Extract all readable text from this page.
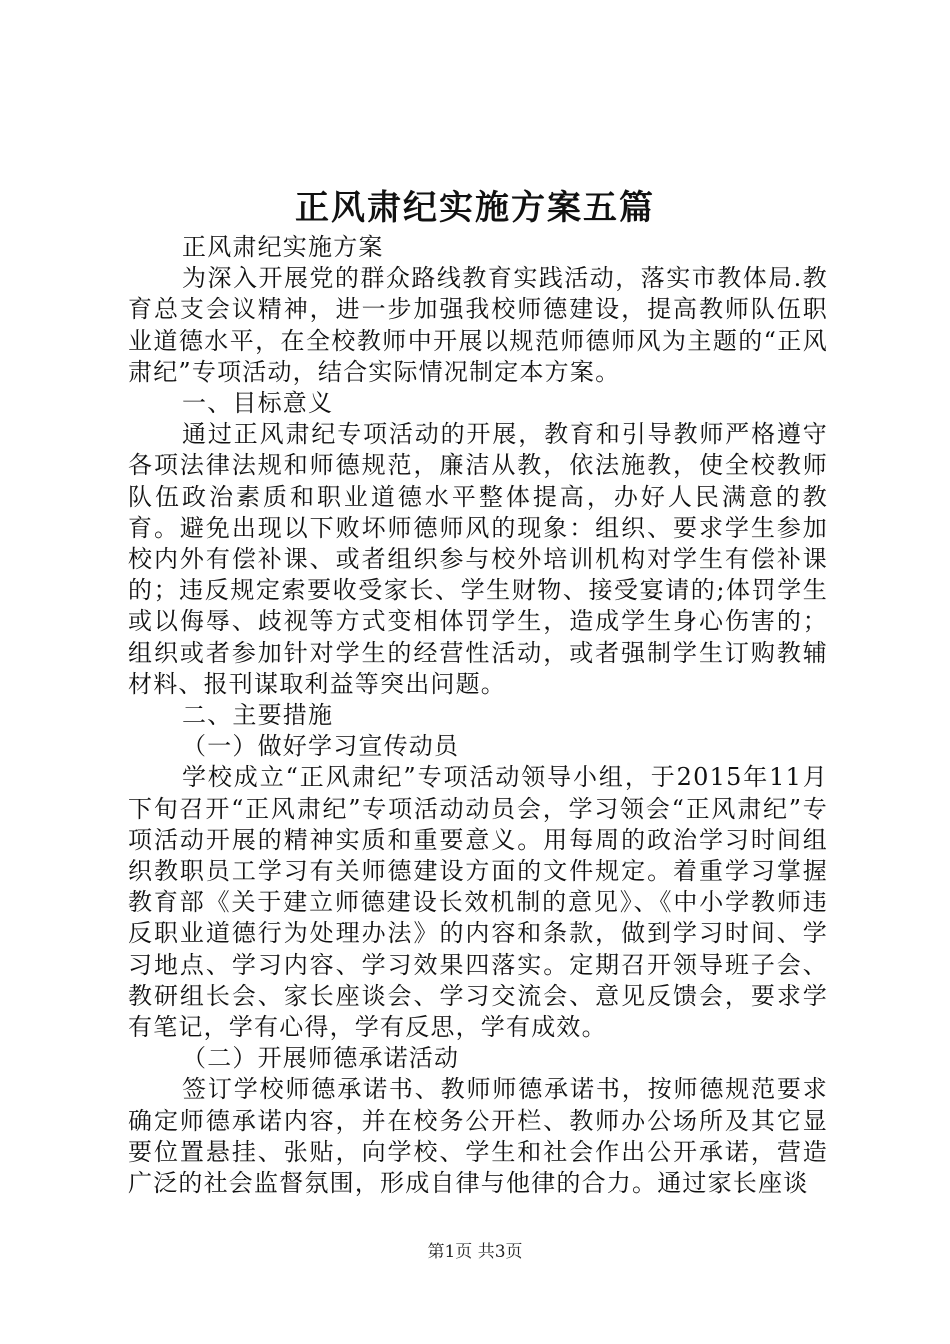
正风肃纪实施方案五篇

正风肃纪实施方案

为深入开展党的群众路线教育实践活动，落实市教体局.教育总支会议精神，进一步加强我校师德建设，提高教师队伍职业道德水平，在全校教师中开展以规范师德师风为主题的“正风肃纪”专项活动，结合实际情况制定本方案。

一、目标意义

通过正风肃纪专项活动的开展，教育和引导教师严格遵守各项法律法规和师德规范，廉洁从教，依法施教，使全校教师队伍政治素质和职业道德水平整体提高，办好人民满意的教育。避免出现以下败坏师德师风的现象：组织、要求学生参加校内外有偿补课、或者组织参与校外培训机构对学生有偿补课的；违反规定索要收受家长、学生财物、接受宴请的;体罚学生或以侮辱、歧视等方式变相体罚学生，造成学生身心伤害的；组织或者参加针对学生的经营性活动，或者强制学生订购教辅材料、报刊谋取利益等突出问题。

二、主要措施

（一）做好学习宣传动员

学校成立“正风肃纪”专项活动领导小组，于2015年11月下旬召开“正风肃纪”专项活动动员会，学习领会“正风肃纪”专项活动开展的精神实质和重要意义。用每周的政治学习时间组织教职员工学习有关师德建设方面的文件规定。着重学习掌握教育部《关于建立师德建设长效机制的意见》、《中小学教师违反职业道德行为处理办法》的内容和条款，做到学习时间、学习地点、学习内容、学习效果四落实。定期召开领导班子会、教研组长会、家长座谈会、学习交流会、意见反馈会，要求学有笔记，学有心得，学有反思，学有成效。

（二）开展师德承诺活动

签订学校师德承诺书、教师师德承诺书，按师德规范要求确定师德承诺内容，并在校务公开栏、教师办公场所及其它显要位置悬挂、张贴，向学校、学生和社会作出公开承诺，营造广泛的社会监督氛围，形成自律与他律的合力。通过家长座谈

第1页 共3页
